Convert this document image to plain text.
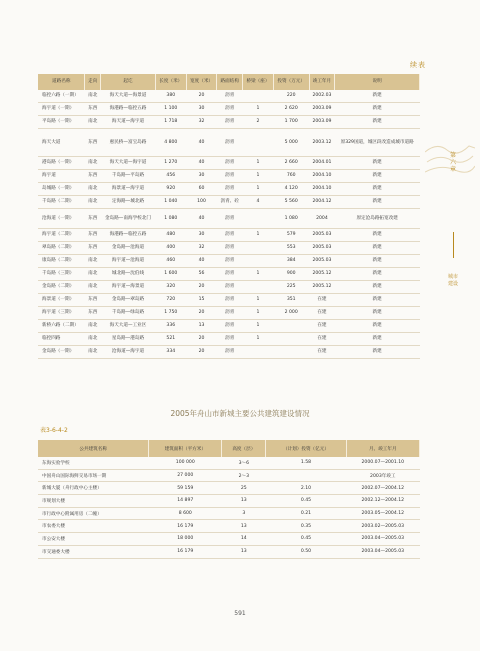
续表
道路名称	走向	起讫	长度（米）	宽度（米）	路面结构	桥梁（座）	投资（万元）	竣工年月	说明
临控六路（一期）	南北	海天大道—海景道	380	20	沥青		220	2002.03	新建
海宇道（一期）	东西	海港路—临控五路	1 100	30	沥青	1	2 620	2003.09	新建
平岛路（一期）	南北	海天道—海宇道	1 718	32	沥青	2	1 700	2003.09	新建
海天大道	东西	惠民桥—富宝岛路	4 800	40	沥青		5 000	2003.12	原329国道，城区段改造成城市道路
港岛路（一期）	南北	海天大道—海宇道	1 270	40	沥青	1	2 660	2004.01	新建
海宇道	东西	千岛路—平岛路	456	30	沥青	1	760	2004.10	新建
岛城路（一期）	南北	海景道—海宇道	920	60	沥青	1	4 120	2004.10	新建
千岛路（二期）	南北	定海路—城北路	1 040	100	沥青、砼	4	5 560	2004.12	新建
沧海道（一期）	东西	金岛路—南海学校北门	1 080	40	沥青		1 080	2004	原定沧岛路拓宽改建
海宇道（二期）	东西	海港路—临控五路	480	30	沥青	1	579	2005.03	新建
翠岛路（二期）	东西	金岛路—沧海道	400	32	沥青		553	2005.03	新建
康岛路（二期）	南北	海宇道—沧海道	460	40	沥青		384	2005.03	新建
千岛路（三期）	南北	城北路—沈伯线	1 600	56	沥青	1	900	2005.12	新建
金岛路（二期）	南北	海宇道—海景道	320	20	沥青		225	2005.12	新建
海景道（一期）	东西	金岛路—翠岛路	720	15	沥青	1	351	在建	新建
海宇道（三期）	东西	千岛路—绿岛路	1 750	20	沥青	1	2 000	在建	新建
新桥六路（二期）	南北	海天大道—工业区	336	13	沥青	1		在建	新建
临控四路	南北	星岛路—港岛路	521	20	沥青	1		在建	新建
金岛路（一期）	南北	沧海道—海宇道	334	20	沥青			在建	新建
第六章
城市建设
2005年舟山市新城主要公共建筑建设情况
表3-6-4-2
公共建筑名称	建筑面积（平方米）	高度（层）	（计划）投资（亿元）	月、竣工年月
东海实验学校	100 000	3～6	1.58	2000.07—2001.10
中国舟山国际海鲜交易市场一期	27 000	2～3		2003年竣工
新城大厦（舟行政中心主楼）	59 159	25	2.10	2002.07—2004.12
市规划大楼	14 897	13	0.45	2002.12—2004.12
市行政中心附属用房（二幢）	8 600	3	0.21	2003.05—2004.12
市农委大楼	16 179	13	0.35	2003.02—2005.03
市公安大楼	18 000	14	0.45	2003.04—2005.03
市交通委大楼	16 179	13	0.50	2003.04—2005.03
591
